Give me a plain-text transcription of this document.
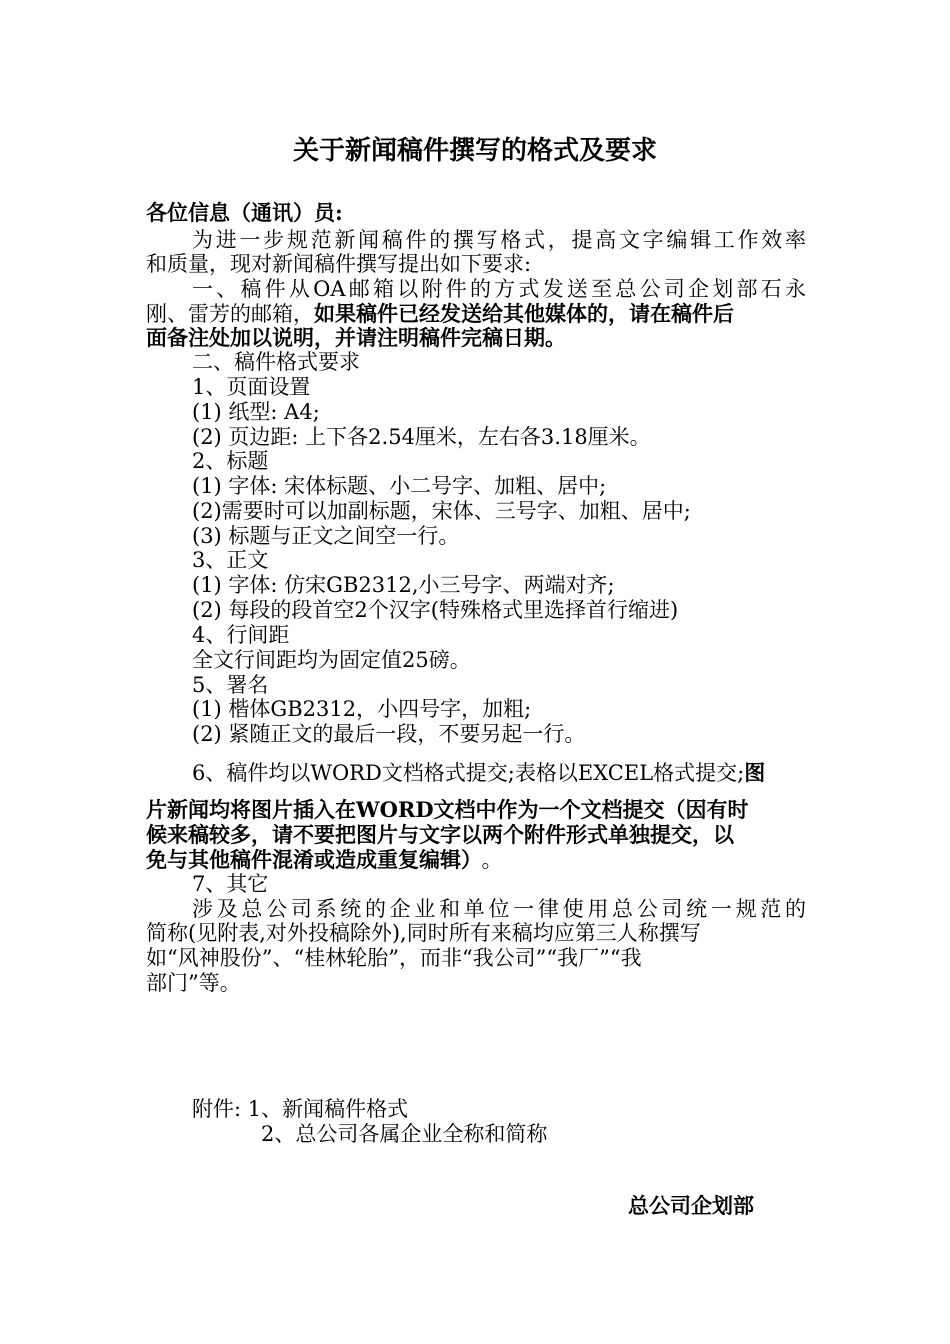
关于新闻稿件撰写的格式及要求
各位信息（通讯）员:
为进一步规范新闻稿件的撰写格式，提高文字编辑工作效率
和质量，现对新闻稿件撰写提出如下要求:
一、稿件从OA邮箱以附件的方式发送至总公司企划部石永
刚、雷芳的邮箱，如果稿件已经发送给其他媒体的，请在稿件后
面备注处加以说明，并请注明稿件完稿日期。
二、稿件格式要求
1、页面设置
(1) 纸型: A4;
(2) 页边距: 上下各2.54厘米，左右各3.18厘米。
2、标题
(1) 字体: 宋体标题、小二号字、加粗、居中;
(2)需要时可以加副标题，宋体、三号字、加粗、居中;
(3) 标题与正文之间空一行。
3、正文
(1) 字体: 仿宋GB2312,小三号字、两端对齐;
(2) 每段的段首空2个汉字(特殊格式里选择首行缩进)
4、行间距
全文行间距均为固定值25磅。
5、署名
(1) 楷体GB2312，小四号字，加粗;
(2) 紧随正文的最后一段，不要另起一行。
6、稿件均以WORD文档格式提交;表格以EXCEL格式提交;图
片新闻均将图片插入在WORD文档中作为一个文档提交（因有时
候来稿较多，请不要把图片与文字以两个附件形式单独提交，以
免与其他稿件混淆或造成重复编辑） 。
7、其它
涉及总公司系统的企业和单位一律使用总公司统一规范的
简称(见附表,对外投稿除外),同时所有来稿均应第三人称撰写
如“风神股份”、“桂林轮胎”，而非“我公司”“我厂”“我
部门”等。
附件: 1、新闻稿件格式
2、总公司各属企业全称和简称
总公司企划部
